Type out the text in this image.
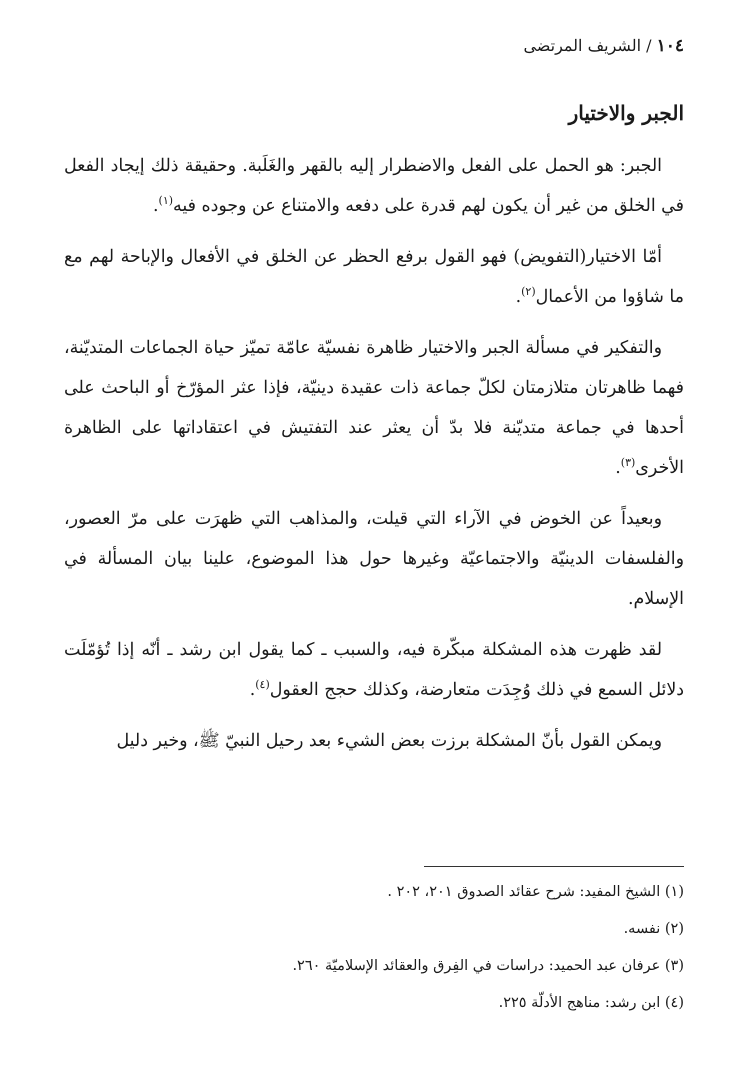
١٠٤ / الشريف المرتضى
الجبر والاختيار

الجبر: هو الحمل على الفعل والاضطرار إليه بالقهر والغَلَبة. وحقيقة ذلك إيجاد الفعل في الخلق من غير أن يكون لهم قدرة على دفعه والامتناع عن وجوده فيه$^{(١)}$.

أمّا الاختيار(التفويض) فهو القول برفع الحظر عن الخلق في الأفعال والإباحة لهم مع ما شاؤوا من الأعمال$^{(٢)}$.

والتفكير في مسألة الجبر والاختيار ظاهرة نفسيّة عامّة تميّز حياة الجماعات المتديّنة، فهما ظاهرتان متلازمتان لكلّ جماعة ذات عقيدة دينيّة، فإذا عثر المؤرّخ أو الباحث على أحدها في جماعة متديّنة فلا بدّ أن يعثر عند التفتيش في اعتقاداتها على الظاهرة الأخرى$^{(٣)}$.

وبعيداً عن الخوض في الآراء التي قيلت، والمذاهب التي ظهرَت على مرّ العصور، والفلسفات الدينيّة والاجتماعيّة وغيرها حول هذا الموضوع، علينا بيان المسألة في الإسلام.

لقد ظهرت هذه المشكلة مبكّرة فيه، والسبب ـ كما يقول ابن رشد ـ أنّه إذا تُؤمّلَت دلائل السمع في ذلك وُجِدَت متعارضة، وكذلك حجج العقول$^{(٤)}$.

ويمكن القول بأنّ المشكلة برزت بعض الشيء بعد رحيل النبيّ ﷺ، وخير دليل

(١) الشيخ المفيد: شرح عقائد الصدوق ٢٠١، ٢٠٢ .
(٢) نفسه.
(٣) عرفان عبد الحميد: دراسات في الفِرق والعقائد الإسلاميّة ٢٦٠.
(٤) ابن رشد: مناهج الأدلّة ٢٢٥.
